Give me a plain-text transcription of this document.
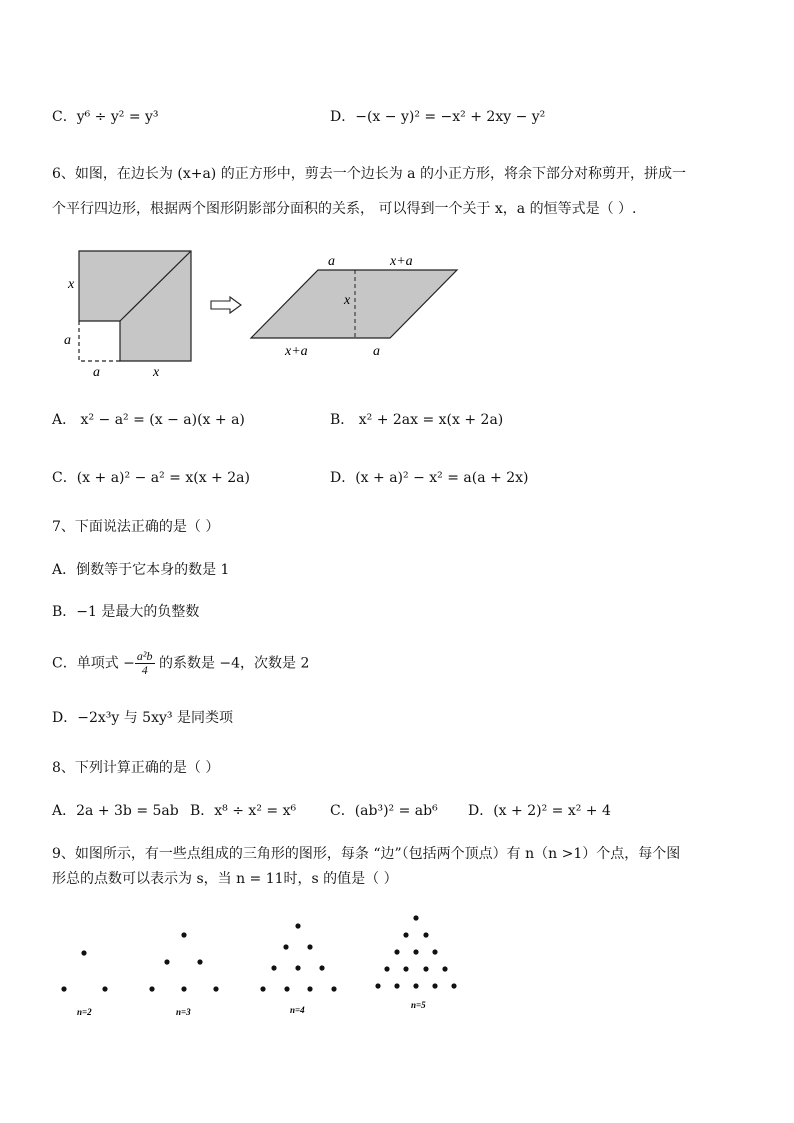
C．y⁶ ÷ y² = y³	D．−(x − y)² = −x² + 2xy − y²
6、如图，在边长为 (x+a) 的正方形中，剪去一个边长为 a 的小正方形，将余下部分对称剪开，拼成一
个平行四边形，根据两个图形阴影部分面积的关系， 可以得到一个关于 x，a 的恒等式是（ ）.
x
a
a	x
a	x+a
x
x+a	a
A． x² − a² = (x − a)(x + a)	B． x² + 2ax = x(x + 2a)
C．(x + a)² − a² = x(x + 2a)	D．(x + a)² − x² = a(a + 2x)
7、下面说法正确的是（ ）
A．倒数等于它本身的数是 1
B．−1 是最大的负整数
C．单项式 − $\frac{\text{a²b}}{4}$ 的系数是 −4，次数是 2
D．−2x³y 与 5xy³ 是同类项
8、下列计算正确的是（ ）
A．2a + 3b = 5ab B．x⁸ ÷ x² = x⁶ C．(ab³)² = ab⁶ D．(x + 2)² = x² + 4
9、如图所示，有一些点组成的三角形的图形，每条 “边”（包括两个顶点）有 n（n >1）个点，每个图
形总的点数可以表示为 s，当 n = 11时，s 的值是（ ）
n=2	n=3	n=4	n=5
